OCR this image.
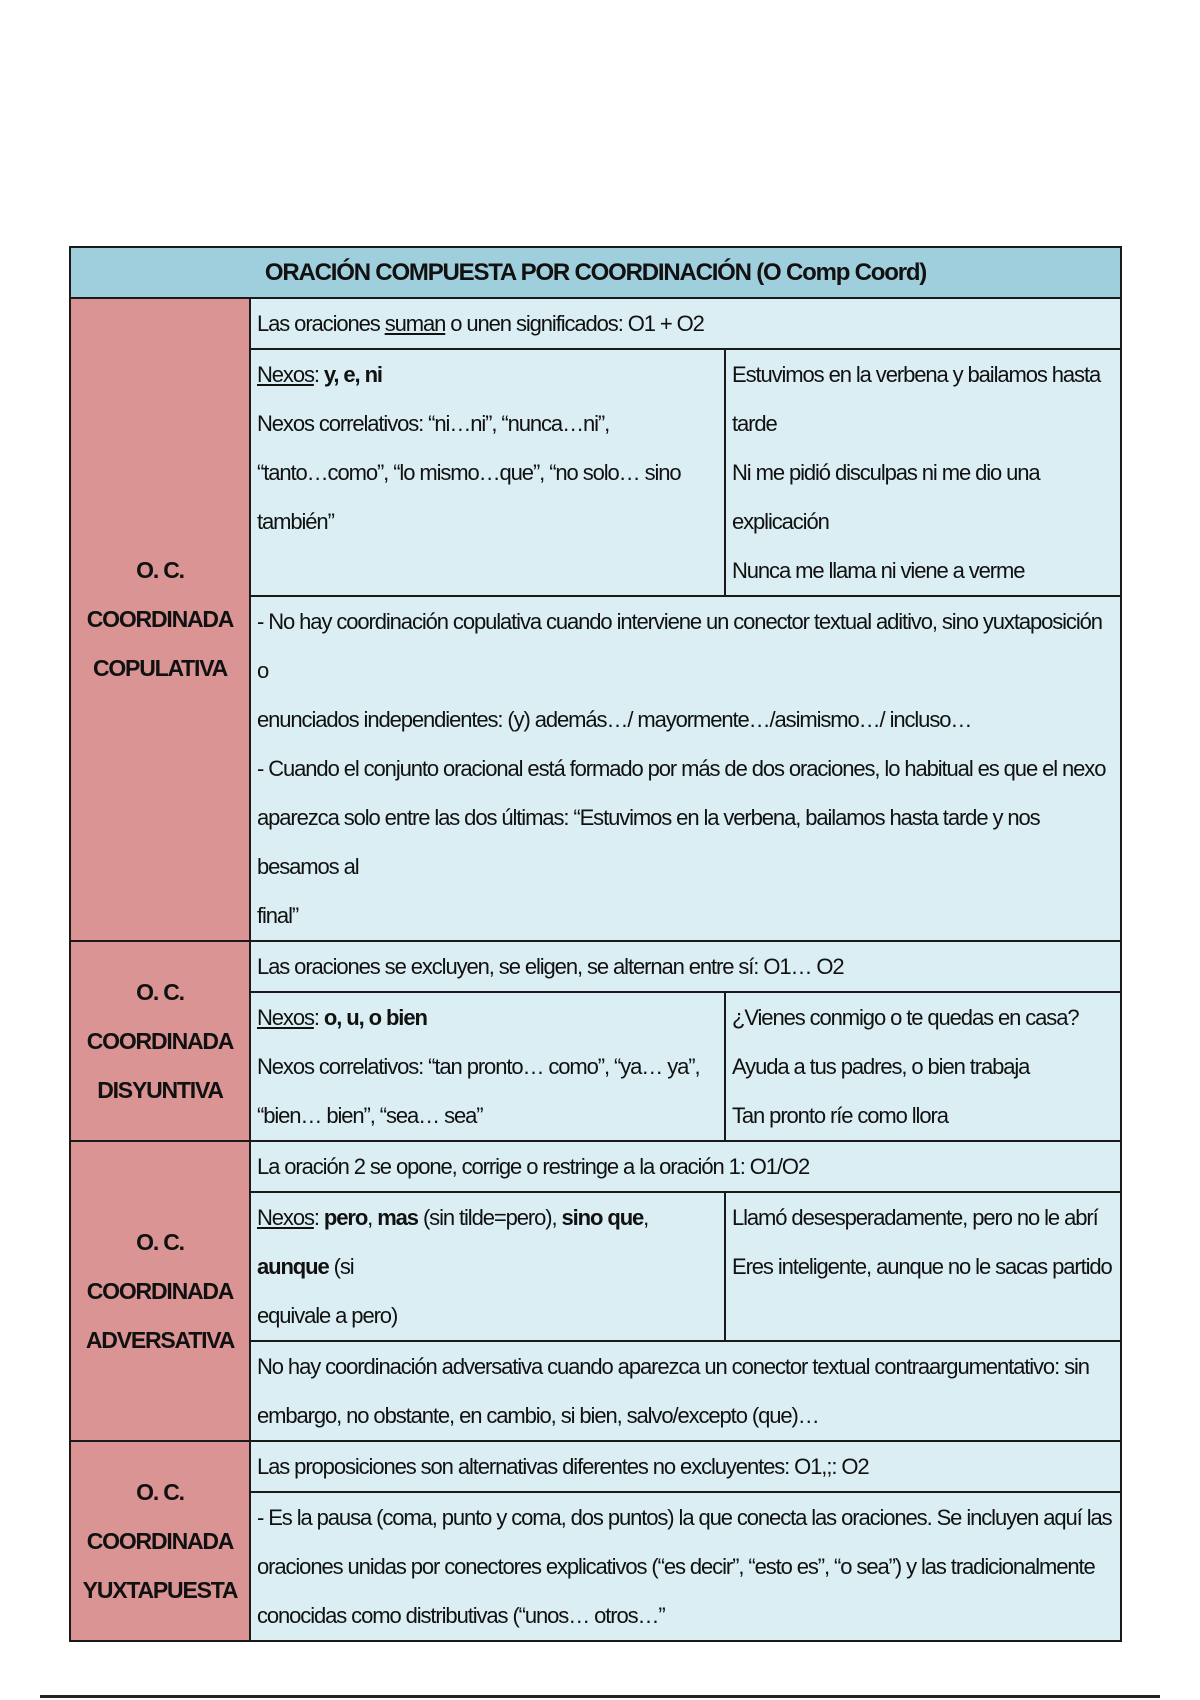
ORACIÓN COMPUESTA POR COORDINACIÓN (O Comp Coord)		

O. C. COORDINADA
COPULATIVA	Las oraciones suman o unen significados: O1 + O2	

	Nexos: y, e, ni
Nexos correlativos: “ni…ni”, “nunca…ni”,
“tanto…como”, “lo mismo…que”, “no solo… sino
también”	Estuvimos en la verbena y bailamos hasta
tarde
Ni me pidió disculpas ni me dio una
explicación
Nunca me llama ni viene a verme

	- No hay coordinación copulativa cuando interviene un conector textual aditivo, sino yuxtaposición o
enunciados independientes: (y) además…/ mayormente…/asimismo…/ incluso…
- Cuando el conjunto oracional está formado por más de dos oraciones, lo habitual es que el nexo
aparezca solo entre las dos últimas: “Estuvimos en la verbena, bailamos hasta tarde y nos besamos al
final”	

O. C. COORDINADA
DISYUNTIVA	Las oraciones se excluyen, se eligen, se alternan entre sí: O1… O2	

	Nexos: o, u, o bien
Nexos correlativos: “tan pronto… como”, “ya… ya”,
“bien… bien”, “sea… sea”	¿Vienes conmigo o te quedas en casa?
Ayuda a tus padres, o bien trabaja
Tan pronto ríe como llora

O. C. COORDINADA
ADVERSATIVA	La oración 2 se opone, corrige o restringe a la oración 1: O1/O2	

	Nexos: pero, mas (sin tilde=pero), sino que, aunque (si
equivale a pero)	Llamó desesperadamente, pero no le abrí
Eres inteligente, aunque no le sacas partido

	No hay coordinación adversativa cuando aparezca un conector textual contraargumentativo: sin
embargo, no obstante, en cambio, si bien, salvo/excepto (que)…	

O. C. COORDINADA
YUXTAPUESTA	Las proposiciones son alternativas diferentes no excluyentes: O1,;: O2	

	- Es la pausa (coma, punto y coma, dos puntos) la que conecta las oraciones. Se incluyen aquí las
oraciones unidas por conectores explicativos (“es decir”, “esto es”, “o sea”) y las tradicionalmente
conocidas como distributivas (“unos… otros…”	
